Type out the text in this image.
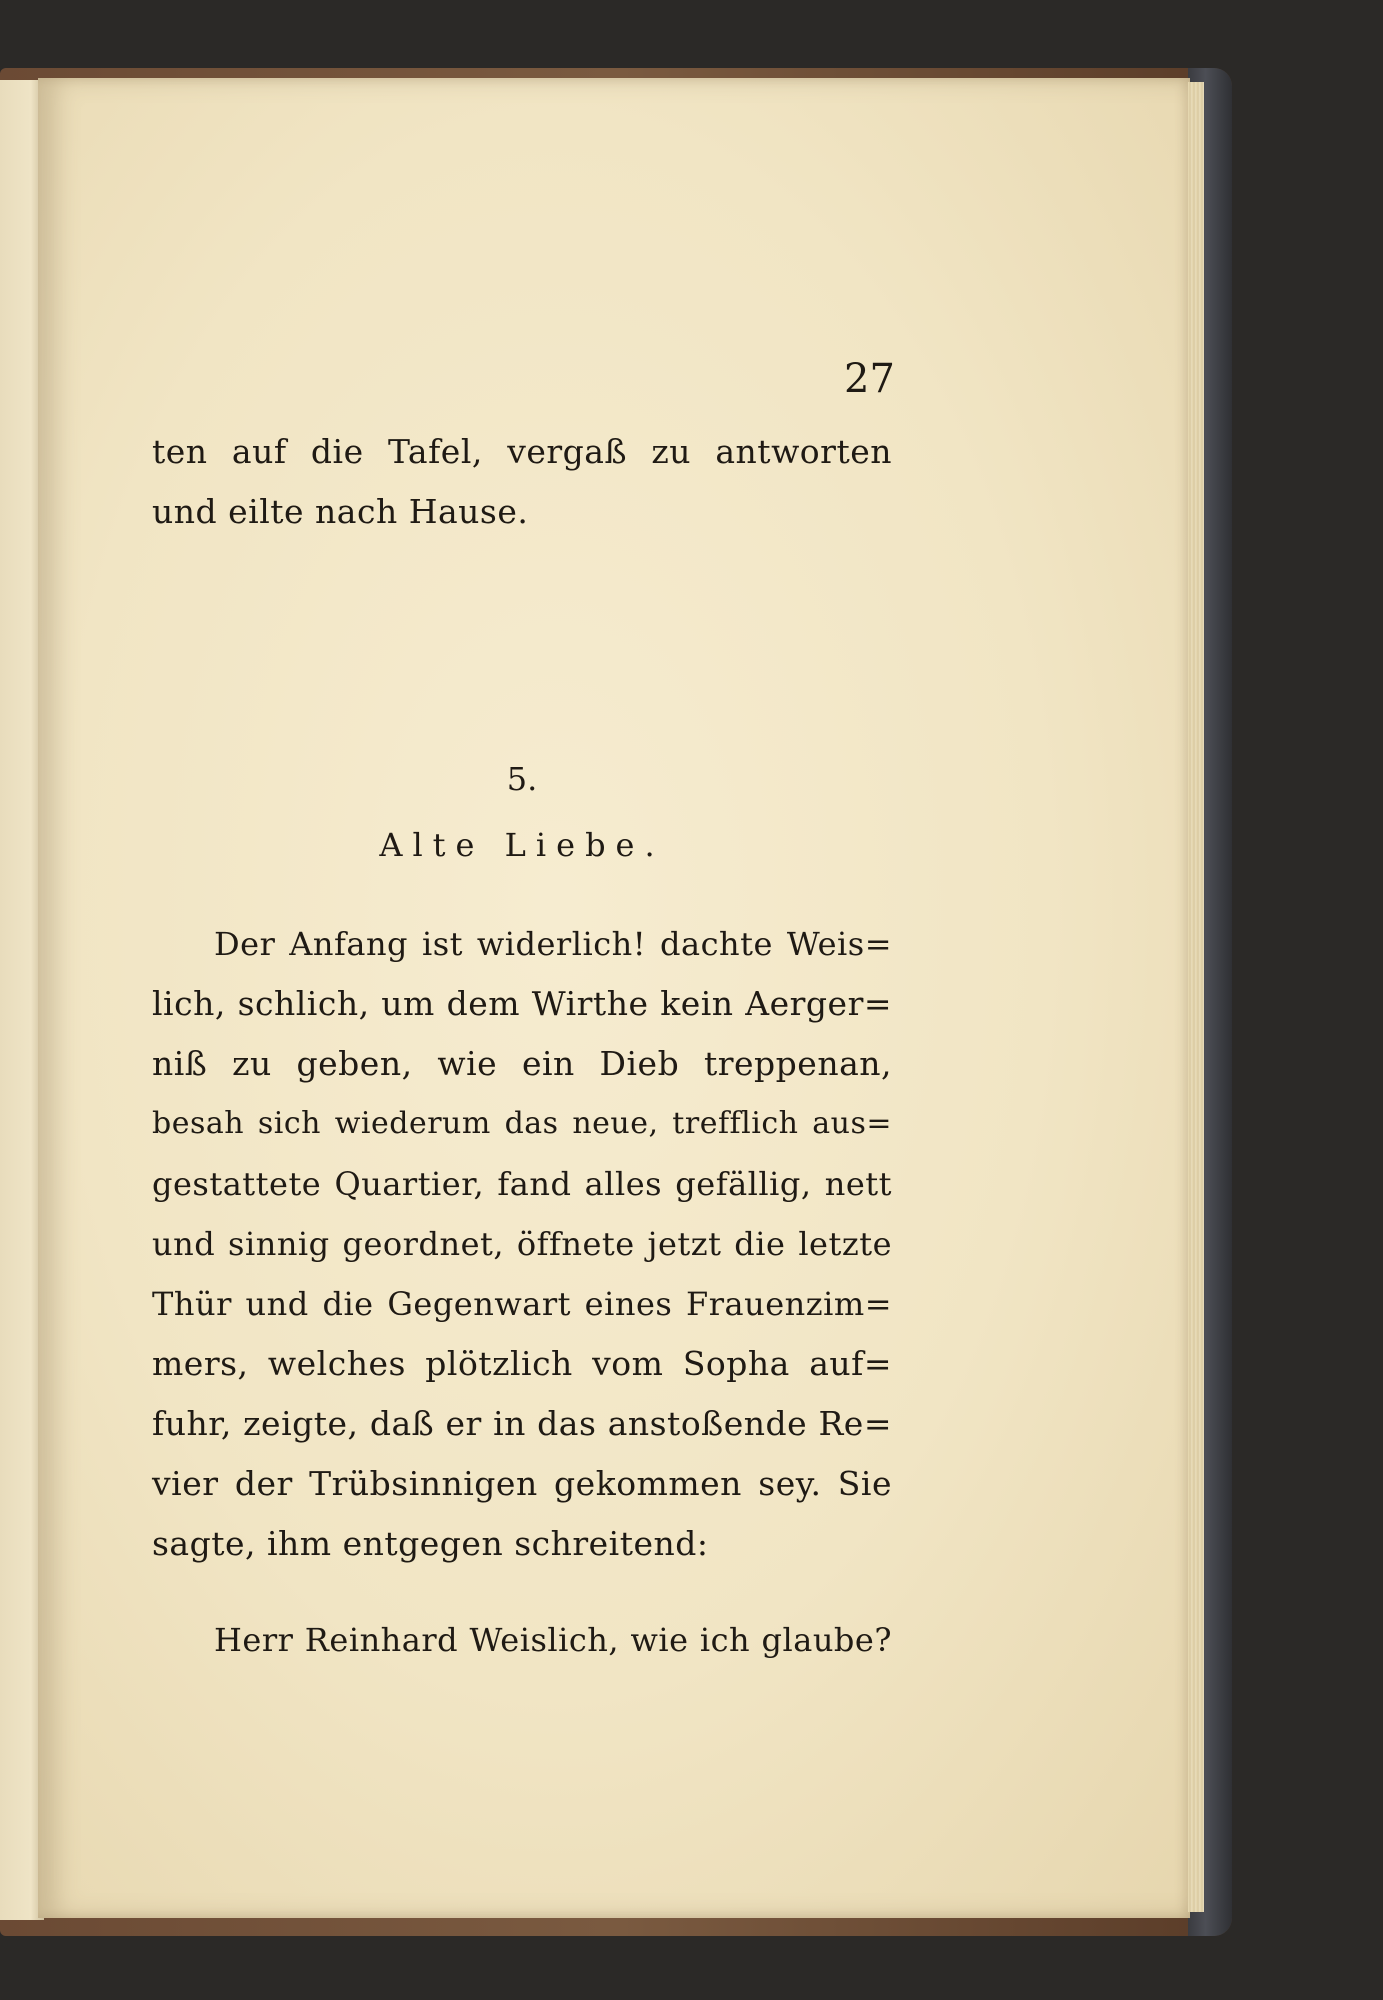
27
ten auf die Tafel, vergaß zu antworten
und eilte nach Hause.
5.
Alte Liebe.
Der Anfang ist widerlich! dachte Weis=
lich, schlich, um dem Wirthe kein Aerger=
niß zu geben, wie ein Dieb treppenan,
besah sich wiederum das neue, trefflich aus=
gestattete Quartier, fand alles gefällig, nett
und sinnig geordnet, öffnete jetzt die letzte
Thür und die Gegenwart eines Frauenzim=
mers, welches plötzlich vom Sopha auf=
fuhr, zeigte, daß er in das anstoßende Re=
vier der Trübsinnigen gekommen sey. Sie
sagte, ihm entgegen schreitend:
Herr Reinhard Weislich, wie ich glaube?
